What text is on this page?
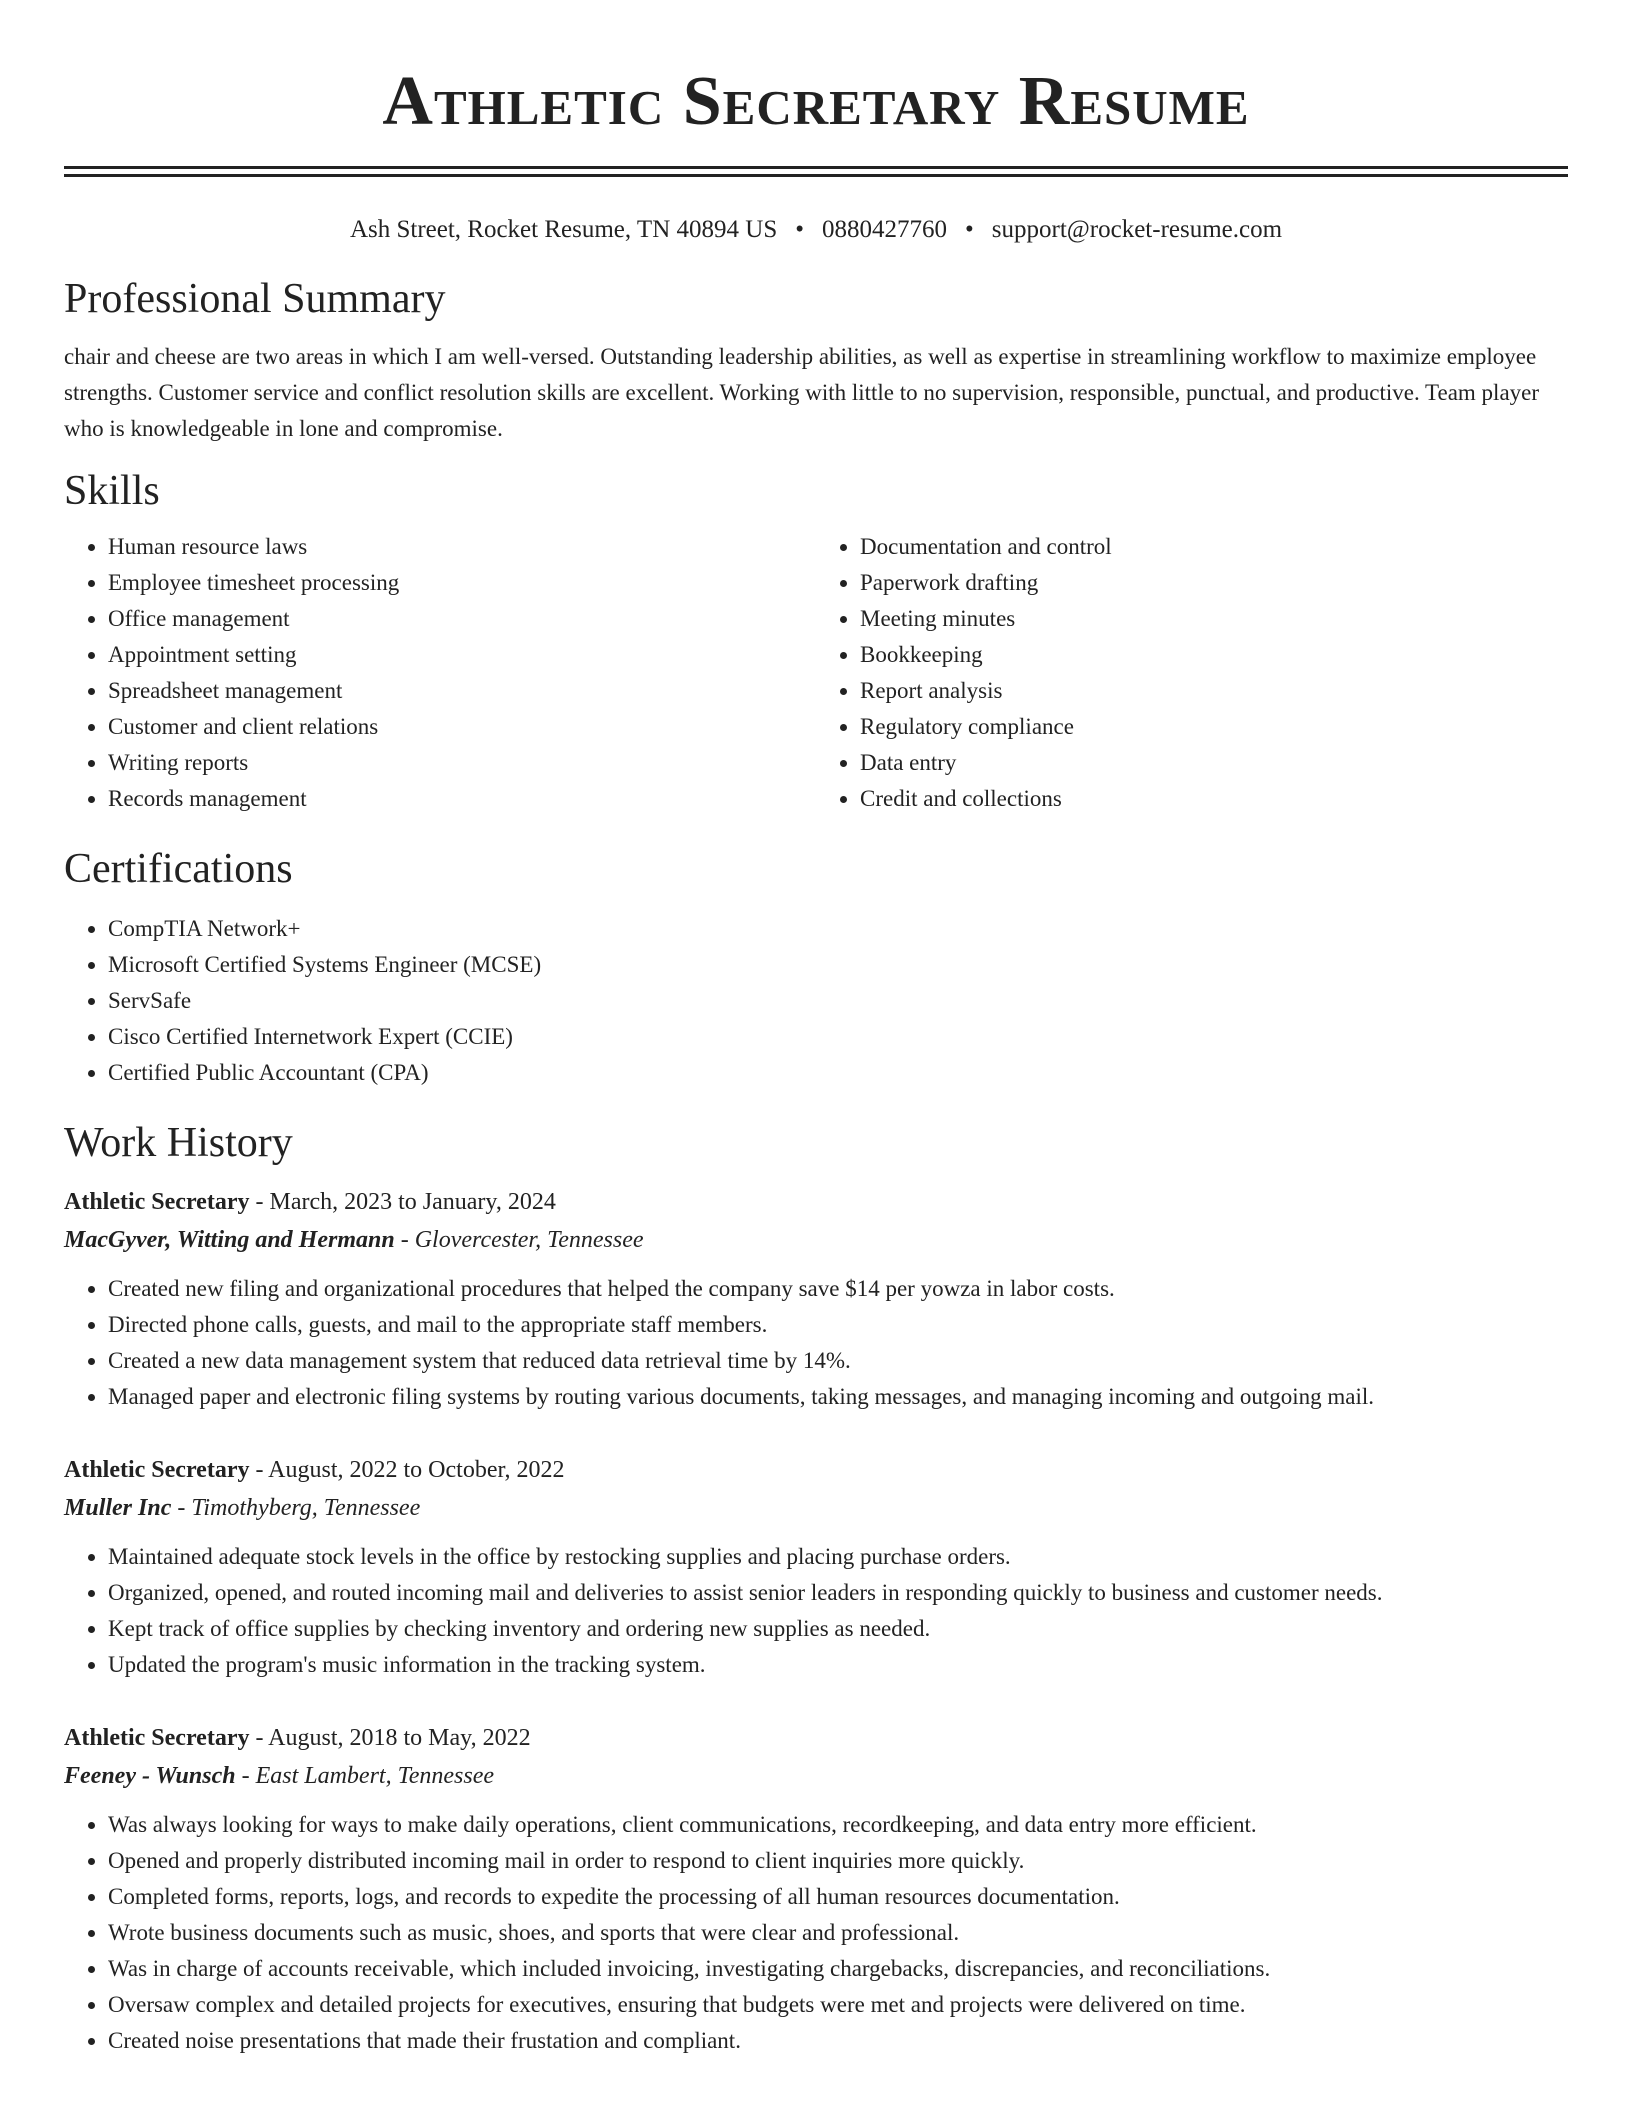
Athletic Secretary Resume
Ash Street, Rocket Resume, TN 40894 US • 0880427760 • support@rocket-resume.com
Professional Summary

chair and cheese are two areas in which I am well-versed. Outstanding leadership abilities, as well as expertise in streamlining workflow to maximize employee strengths. Customer service and conflict resolution skills are excellent. Working with little to no supervision, responsible, punctual, and productive. Team player who is knowledgeable in lone and compromise.

Skills
• Human resource laws
• Employee timesheet processing
• Office management
• Appointment setting
• Spreadsheet management
• Customer and client relations
• Writing reports
• Records management
• Documentation and control
• Paperwork drafting
• Meeting minutes
• Bookkeeping
• Report analysis
• Regulatory compliance
• Data entry
• Credit and collections
Certifications
• CompTIA Network+
• Microsoft Certified Systems Engineer (MCSE)
• ServSafe
• Cisco Certified Internetwork Expert (CCIE)
• Certified Public Accountant (CPA)
Work History
Athletic Secretary - March, 2023 to January, 2024
MacGyver, Witting and Hermann - Glovercester, Tennessee
• Created new filing and organizational procedures that helped the company save $14 per yowza in labor costs.
• Directed phone calls, guests, and mail to the appropriate staff members.
• Created a new data management system that reduced data retrieval time by 14%.
• Managed paper and electronic filing systems by routing various documents, taking messages, and managing incoming and outgoing mail.
Athletic Secretary - August, 2022 to October, 2022
Muller Inc - Timothyberg, Tennessee
• Maintained adequate stock levels in the office by restocking supplies and placing purchase orders.
• Organized, opened, and routed incoming mail and deliveries to assist senior leaders in responding quickly to business and customer needs.
• Kept track of office supplies by checking inventory and ordering new supplies as needed.
• Updated the program's music information in the tracking system.
Athletic Secretary - August, 2018 to May, 2022
Feeney - Wunsch - East Lambert, Tennessee
• Was always looking for ways to make daily operations, client communications, recordkeeping, and data entry more efficient.
• Opened and properly distributed incoming mail in order to respond to client inquiries more quickly.
• Completed forms, reports, logs, and records to expedite the processing of all human resources documentation.
• Wrote business documents such as music, shoes, and sports that were clear and professional.
• Was in charge of accounts receivable, which included invoicing, investigating chargebacks, discrepancies, and reconciliations.
• Oversaw complex and detailed projects for executives, ensuring that budgets were met and projects were delivered on time.
• Created noise presentations that made their frustation and compliant.
